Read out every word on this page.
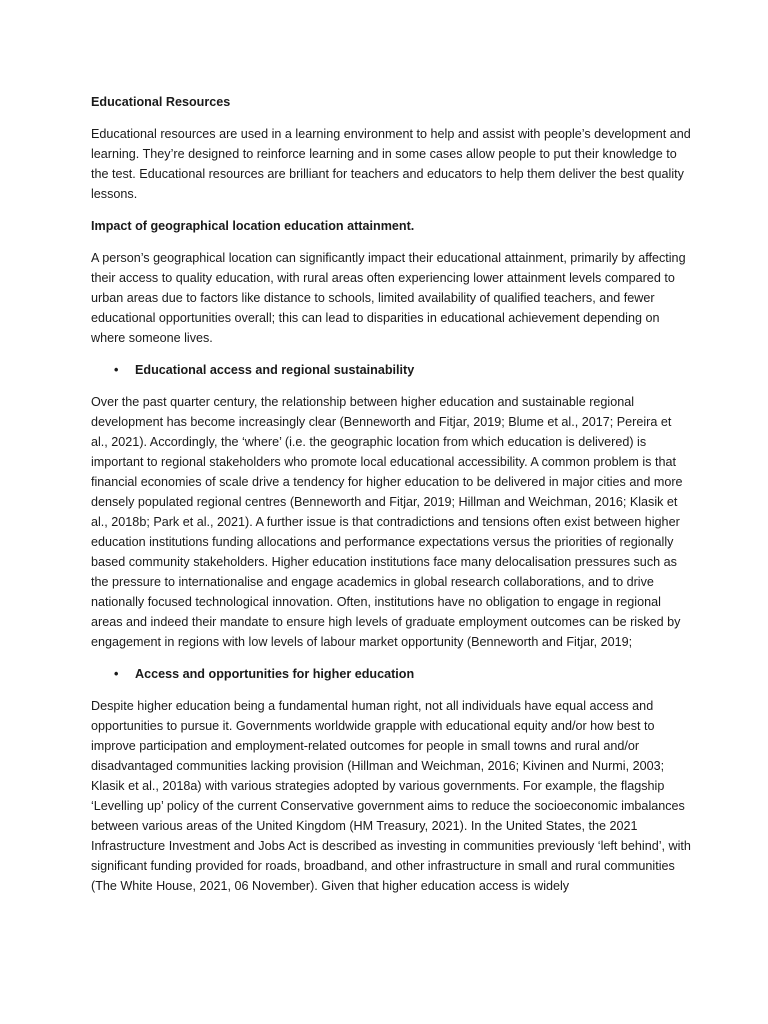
Educational Resources
Educational resources are used in a learning environment to help and assist with people’s development and learning. They’re designed to reinforce learning and in some cases allow people to put their knowledge to the test. Educational resources are brilliant for teachers and educators to help them deliver the best quality lessons.
Impact of geographical location education attainment.
A person’s geographical location can significantly impact their educational attainment, primarily by affecting their access to quality education, with rural areas often experiencing lower attainment levels compared to urban areas due to factors like distance to schools, limited availability of qualified teachers, and fewer educational opportunities overall; this can lead to disparities in educational achievement depending on where someone lives.
•	Educational access and regional sustainability
Over the past quarter century, the relationship between higher education and sustainable regional development has become increasingly clear (Benneworth and Fitjar, 2019; Blume et al., 2017; Pereira et al., 2021). Accordingly, the ‘where’ (i.e. the geographic location from which education is delivered) is important to regional stakeholders who promote local educational accessibility. A common problem is that financial economies of scale drive a tendency for higher education to be delivered in major cities and more densely populated regional centres (Benneworth and Fitjar, 2019; Hillman and Weichman, 2016; Klasik et al., 2018b; Park et al., 2021). A further issue is that contradictions and tensions often exist between higher education institutions funding allocations and performance expectations versus the priorities of regionally based community stakeholders. Higher education institutions face many delocalisation pressures such as the pressure to internationalise and engage academics in global research collaborations, and to drive nationally focused technological innovation. Often, institutions have no obligation to engage in regional areas and indeed their mandate to ensure high levels of graduate employment outcomes can be risked by engagement in regions with low levels of labour market opportunity (Benneworth and Fitjar, 2019;
•	Access and opportunities for higher education
Despite higher education being a fundamental human right, not all individuals have equal access and opportunities to pursue it. Governments worldwide grapple with educational equity and/or how best to improve participation and employment-related outcomes for people in small towns and rural and/or disadvantaged communities lacking provision (Hillman and Weichman, 2016; Kivinen and Nurmi, 2003; Klasik et al., 2018a) with various strategies adopted by various governments. For example, the flagship ‘Levelling up’ policy of the current Conservative government aims to reduce the socioeconomic imbalances between various areas of the United Kingdom (HM Treasury, 2021). In the United States, the 2021 Infrastructure Investment and Jobs Act is described as investing in communities previously ‘left behind’, with significant funding provided for roads, broadband, and other infrastructure in small and rural communities (The White House, 2021, 06 November). Given that higher education access is widely
